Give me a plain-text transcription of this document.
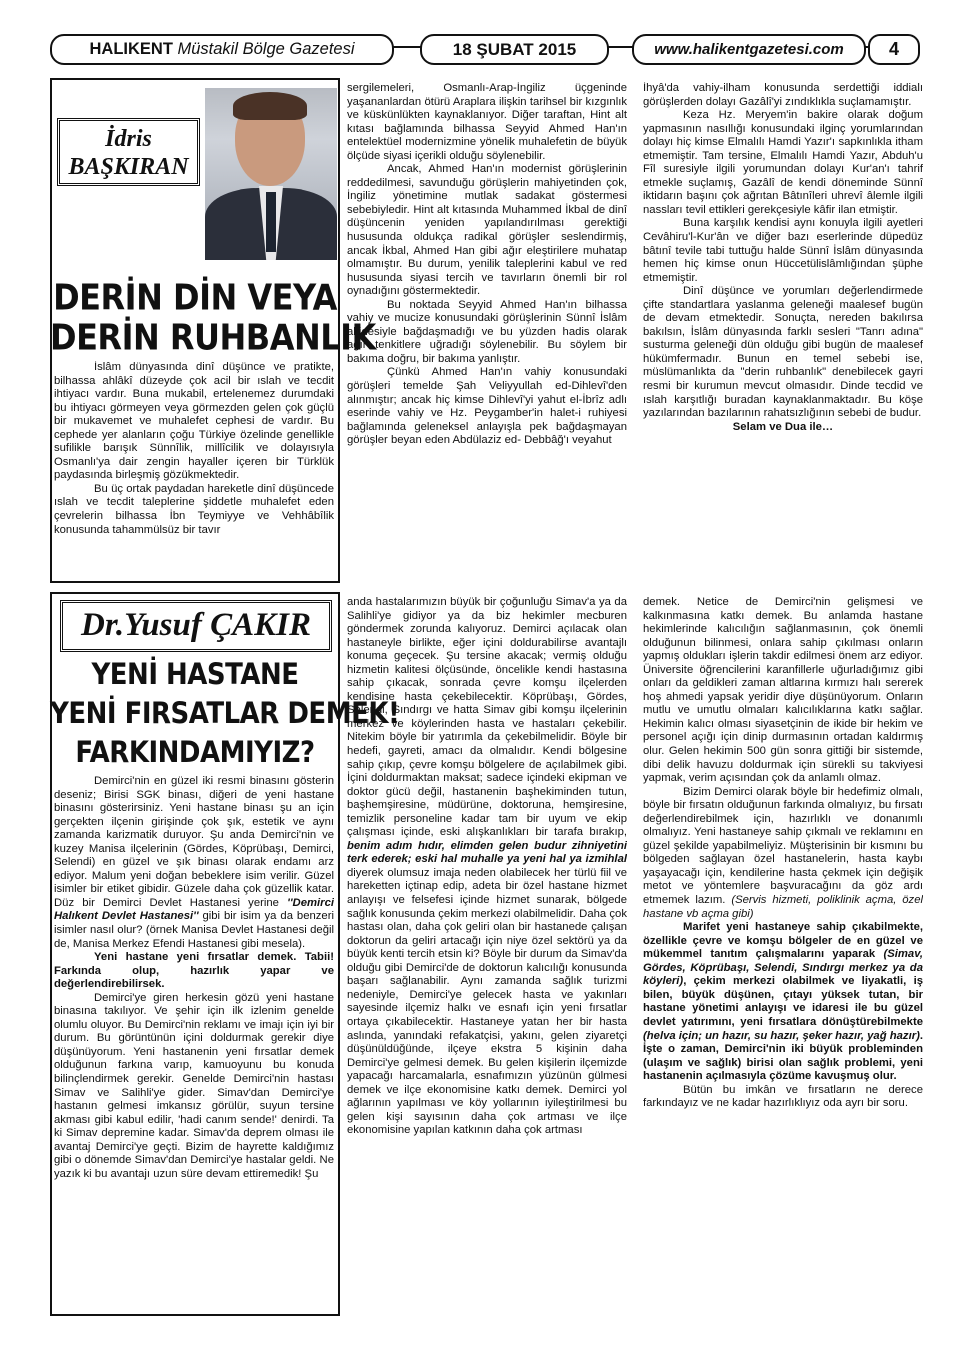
HALIKENT
Müstakil Bölge Gazetesi	18 ŞUBAT 2015	www.halikentgazetesi.com	4
İdris
BAŞKIRAN
DERİN DİN VEYA
DERİN RUHBANLIK

İslâm dünyasında dinî düşünce ve pratikte, bilhassa ahlâkî düzeyde çok acil bir ıslah ve tecdit ihtiyacı vardır. Buna mukabil, ertelenemez durumdaki bu ihtiyacı görmeyen veya görmezden gelen çok güçlü bir mukavemet ve muhalefet cephesi de vardır. Bu cephede yer alanların çoğu Türkiye özelinde genellikle sufilikle barışık Sünnîlik, millîcilik ve dolayısıyla Osmanlı'ya dair zengin hayaller içeren bir Türklük paydasında birleşmiş gözükmektedir.

Bu üç ortak paydadan hareketle dinî düşüncede ıslah ve tecdit taleplerine şiddetle muhalefet eden çevrelerin bilhassa İbn Teymiyye ve Vehhâbîlik konusunda tahammülsüz bir tavır

sergilemeleri, Osmanlı-Arap-İngiliz üçgeninde yaşananlardan ötürü Araplara ilişkin tarihsel bir kızgınlık ve küskünlükten kaynaklanıyor. Diğer taraftan, Hint alt kıtası bağlamında bilhassa Seyyid Ahmed Han'ın entelektüel modernizmine yönelik muhalefetin de büyük ölçüde siyasi içerikli olduğu söylenebilir.

Ancak, Ahmed Han'ın modernist görüşlerinin reddedilmesi, savunduğu görüşlerin mahiyetinden çok, İngiliz yönetimine mutlak sadakat göstermesi sebebiyledir. Hint alt kıtasında Muhammed İkbal de dinî düşüncenin yeniden yapılandırılması gerektiği hususunda oldukça radikal görüşler seslendirmiş, ancak İkbal, Ahmed Han gibi ağır eleştirilere muhatap olmamıştır. Bu durum, yenilik taleplerini kabul ve red hususunda siyasi tercih ve tavırların önemli bir rol oynadığını göstermektedir.

Bu noktada Seyyid Ahmed Han'ın bilhassa vahiy ve mucize konusundaki görüşlerinin Sünnî İslâm akidesiyle bağdaşmadığı ve bu yüzden hadis olarak ağır tenkitlere uğradığı söylenebilir. Bu söylem bir bakıma doğru, bir bakıma yanlıştır.

Çünkü Ahmed Han'ın vahiy konusundaki görüşleri temelde Şah Veliyyullah ed-Dihlevî'den alınmıştır; ancak hiç kimse Dihlevî'yi yahut el-İbrîz adlı eserinde vahiy ve Hz. Peygamber'in halet-i ruhiyesi bağlamında geleneksel anlayışla pek bağdaşmayan görüşler beyan eden Abdülaziz ed- Debbâğ'ı veyahut

İhyâ'da vahiy-ilham konusunda serdettiği iddialı görüşlerden dolayı Gazâlî'yi zındıklıkla suçlamamıştır.

Keza Hz. Meryem'in bakire olarak doğum yapmasının nasıllığı konusundaki ilginç yorumlarından dolayı hiç kimse Elmalılı Hamdi Yazır'ı sapkınlıkla itham etmemiştir. Tam tersine, Elmalılı Hamdi Yazır, Abduh'u Fîl suresiyle ilgili yorumundan dolayı Kur'an'ı tahrif etmekle suçlamış, Gazâlî de kendi döneminde Sünnî iktidarın başını çok ağrıtan Bâtınîleri uhrevî âlemle ilgili nassları tevil ettikleri gerekçesiyle kâfir ilan etmiştir.

Buna karşılık kendisi aynı konuyla ilgili ayetleri Cevâhiru'l-Kur'ân ve diğer bazı eserlerinde düpedüz bâtınî tevile tabi tuttuğu halde Sünnî İslâm dünyasında hemen hiç kimse onun Hüccetülislâmlığından şüphe etmemiştir.

Dinî düşünce ve yorumları değerlendirmede çifte standartlara yaslanma geleneği maalesef bugün de devam etmektedir. Sonuçta, nereden bakılırsa bakılsın, İslâm dünyasında farklı sesleri "Tanrı adına" susturma geleneği dün olduğu gibi bugün de maalesef hükümfermadır. Bunun en temel sebebi ise, müslümanlıkta da "derin ruhbanlık" denebilecek gayri resmi bir kurumun mevcut olmasıdır. Dinde tecdid ve ıslah karşıtlığı buradan kaynaklanmaktadır. Bu köşe yazılarından bazılarının rahatsızlığının sebebi de budur.

Selam ve Dua ile…

Dr.Yusuf ÇAKIR
YENİ HASTANE
YENİ FIRSATLAR DEMEK!
FARKINDAMIYIZ?

Demirci'nin en güzel iki resmi binasını gösterin deseniz; Birisi SGK binası, diğeri de yeni hastane binasını gösterirsiniz. Yeni hastane binası şu an için gerçekten ilçenin girişinde çok şık, estetik ve aynı zamanda karizmatik duruyor. Şu anda Demirci'nin ve kuzey Manisa ilçelerinin (Gördes, Köprübaşı, Demirci, Selendi) en güzel ve şık binası olarak endamı arz ediyor. Malum yeni doğan bebeklere isim verilir. Güzel isimler bir etiket gibidir. Güzele daha çok güzellik katar. Düz bir Demirci Devlet Hastanesi yerine ''Demirci Halıkent Devlet Hastanesi'' gibi bir isim ya da benzeri isimler nasıl olur? (örnek Manisa Devlet Hastanesi değil de, Manisa Merkez Efendi Hastanesi gibi mesela).

Yeni hastane yeni fırsatlar demek. Tabii! Farkında olup, hazırlık yapar ve değerlendirebilirsek.

Demirci'ye giren herkesin gözü yeni hastane binasına takılıyor. Ve şehir için ilk izlenim genelde olumlu oluyor. Bu Demirci'nin reklamı ve imajı için iyi bir durum. Bu görüntünün içini doldurmak gerekir diye düşünüyorum. Yeni hastanenin yeni fırsatlar demek olduğunun farkına varıp, kamuoyunu bu konuda bilinçlendirmek gerekir. Genelde Demirci'nin hastası Simav ve Salihli'ye gider. Simav'dan Demirci'ye hastanın gelmesi imkansız görülür, suyun tersine akması gibi kabul edilir, 'hadi canım sende!' denirdi. Ta ki Simav depremine kadar. Simav'da deprem olması ile avantaj Demirci'ye geçti. Bizim de hayrette kaldığımız gibi o dönemde Simav'dan Demirci'ye hastalar geldi. Ne yazık ki bu avantajı uzun süre devam ettiremedik! Şu

anda hastalarımızın büyük bir çoğunluğu Simav'a ya da Salihli'ye gidiyor ya da biz hekimler mecburen göndermek zorunda kalıyoruz. Demirci açılacak olan hastaneyle birlikte, eğer içini doldurabilirse avantajlı konuma geçecek. Şu tersine akacak; vermiş olduğu hizmetin kalitesi ölçüsünde, öncelikle kendi hastasına sahip çıkacak, sonrada çevre komşu ilçelerden kendisine hasta çekebilecektir. Köprübaşı, Gördes, Selendi, Sındırgı ve hatta Simav gibi komşu ilçelerinin merkez ve köylerinden hasta ve hastaları çekebilir. Nitekim böyle bir yatırımla da çekebilmelidir. Böyle bir hedefi, gayreti, amacı da olmalıdır. Kendi bölgesine sahip çıkıp, çevre komşu bölgelere de açılabilmek gibi. İçini doldurmaktan maksat; sadece içindeki ekipman ve doktor gücü değil, hastanenin başhekiminden tutun, başhemşiresine, müdürüne, doktoruna, hemşiresine, temizlik personeline kadar tam bir uyum ve ekip çalışması içinde, eski alışkanlıkları bir tarafa bırakıp, benim adım hıdır, elimden gelen budur zihniyetini terk ederek; eski hal muhalle ya yeni hal ya izmihlal diyerek olumsuz imaja neden olabilecek her türlü fiil ve hareketten içtinap edip, adeta bir özel hastane hizmet anlayışı ve felsefesi içinde hizmet sunarak, bölgede sağlık konusunda çekim merkezi olabilmelidir. Daha çok hastası olan, daha çok geliri olan bir hastanede çalışan doktorun da geliri artacağı için niye özel sektörü ya da büyük kenti tercih etsin ki? Böyle bir durum da Simav'da olduğu gibi Demirci'de de doktorun kalıcılığı konusunda başarı sağlanabilir. Aynı zamanda sağlık turizmi nedeniyle, Demirci'ye gelecek hasta ve yakınları sayesinde ilçemiz halkı ve esnafı için yeni fırsatlar ortaya çıkabilecektir. Hastaneye yatan her bir hasta aslında, yanındaki refakatçisi, yakını, gelen ziyaretçi düşünüldüğünde, ilçeye ekstra 5 kişinin daha Demirci'ye gelmesi demek. Bu gelen kişilerin ilçemizde yapacağı harcamalarla, esnafımızın yüzünün gülmesi demek ve ilçe ekonomisine katkı demek. Demirci yol ağlarının yapılması ve köy yollarının iyileştirilmesi bu gelen kişi sayısının daha çok artması ve ilçe ekonomisine yapılan katkının daha çok artması

demek. Netice de Demirci'nin gelişmesi ve kalkınmasına katkı demek. Bu anlamda hastane hekimlerinde kalıcılığın sağlanmasının, çok önemli olduğunun bilinmesi, onlara sahip çıkılması onların yapmış oldukları işlerin takdir edilmesi önem arz ediyor. Üniversite öğrencilerini karanfillerle uğurladığımız gibi onları da geldikleri zaman altlarına kırmızı halı sererek hoş ahmedi yapsak yeridir diye düşünüyorum. Onların mutlu ve umutlu olmaları kalıcılıklarına katkı sağlar. Hekimin kalıcı olması siyasetçinin de ikide bir hekim ve personel açığı için dinip durmasının ortadan kaldırmış olur. Gelen hekimin 500 gün sonra gittiği bir sistemde, dibi delik havuzu doldurmak için sürekli su takviyesi yapmak, verim açısından çok da anlamlı olmaz.

Bizim Demirci olarak böyle bir hedefimiz olmalı, böyle bir fırsatın olduğunun farkında olmalıyız, bu fırsatı değerlendirebilmek için, hazırlıklı ve donanımlı olmalıyız. Yeni hastaneye sahip çıkmalı ve reklamını en güzel şekilde yapabilmeliyiz. Müşterisinin bir kısmını bu bölgeden sağlayan özel hastanelerin, hasta kaybı yaşayacağı için, kendilerine hasta çekmek için değişik metot ve yöntemlere başvuracağını da göz ardı etmemek lazım. (Servis hizmeti, poliklinik açma, özel hastane vb açma gibi)

Marifet yeni hastaneye sahip çıkabilmekte, özellikle çevre ve komşu bölgeler de en güzel ve mükemmel tanıtım çalışmalarını yaparak (Simav, Gördes, Köprübaşı, Selendi, Sındırgı merkez ya da köyleri), çekim merkezi olabilmek ve liyakatli, iş bilen, büyük düşünen, çıtayı yüksek tutan, bir hastane yönetimi anlayışı ve idaresi ile bu güzel devlet yatırımını, yeni fırsatlara dönüştürebilmekte (helva için; un hazır, su hazır, şeker hazır, yağ hazır). İşte o zaman, Demirci'nin iki büyük probleminden (ulaşım ve sağlık) birisi olan sağlık problemi, yeni hastanenin açılmasıyla çözüme kavuşmuş olur.

Bütün bu imkân ve fırsatların ne derece farkındayız ve ne kadar hazırlıklıyız oda ayrı bir soru.
